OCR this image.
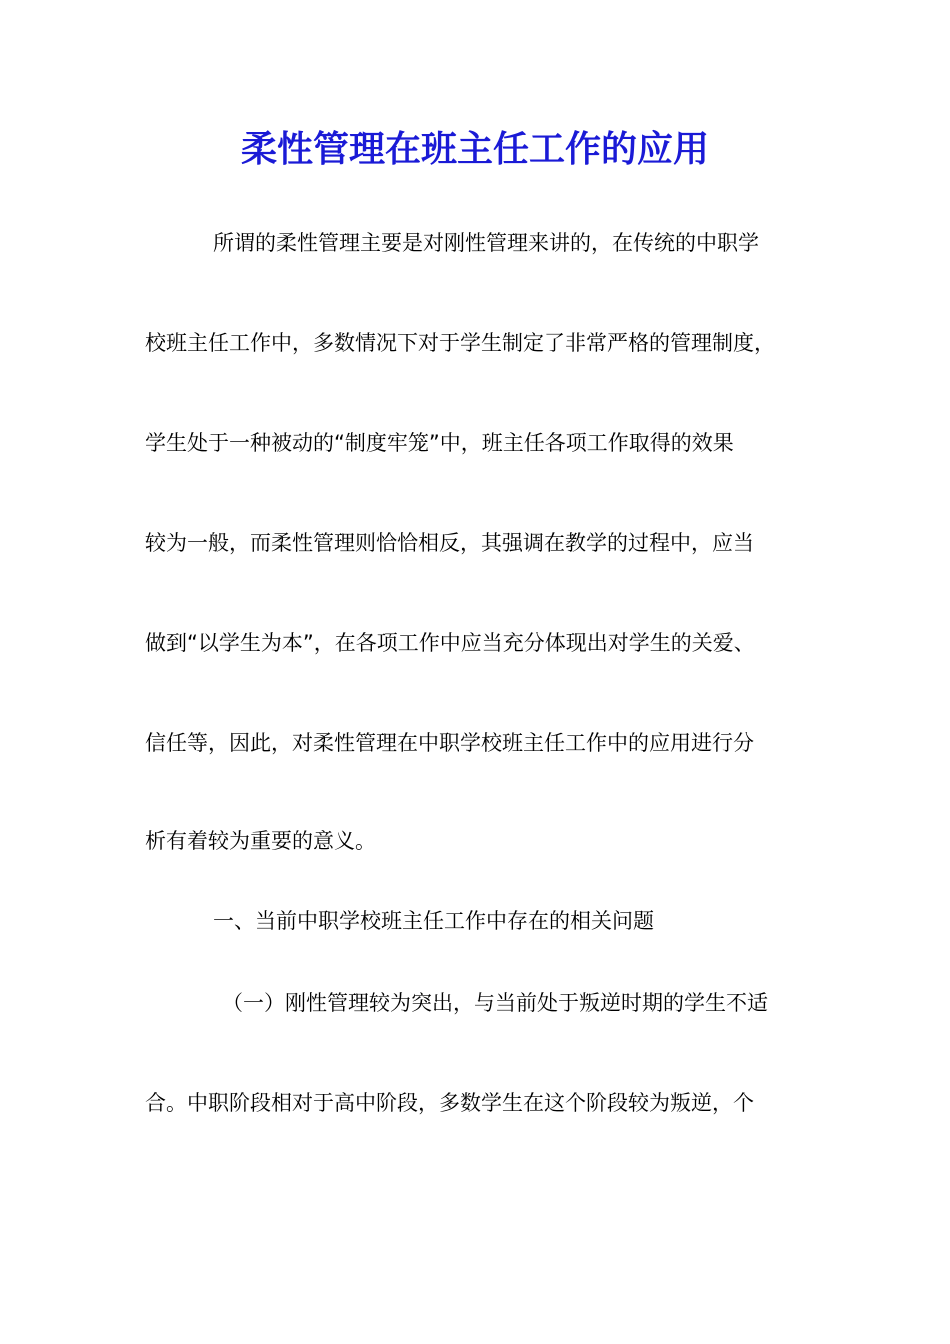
柔性管理在班主任工作的应用

所谓的柔性管理主要是对刚性管理来讲的，在传统的中职学

校班主任工作中，多数情况下对于学生制定了非常严格的管理制度，

学生处于一种被动的“制度牢笼”中，班主任各项工作取得的效果

较为一般，而柔性管理则恰恰相反，其强调在教学的过程中，应当

做到“以学生为本”，在各项工作中应当充分体现出对学生的关爱、

信任等，因此，对柔性管理在中职学校班主任工作中的应用进行分

析有着较为重要的意义。

一、当前中职学校班主任工作中存在的相关问题

（一）刚性管理较为突出，与当前处于叛逆时期的学生不适

合。中职阶段相对于高中阶段，多数学生在这个阶段较为叛逆，个
